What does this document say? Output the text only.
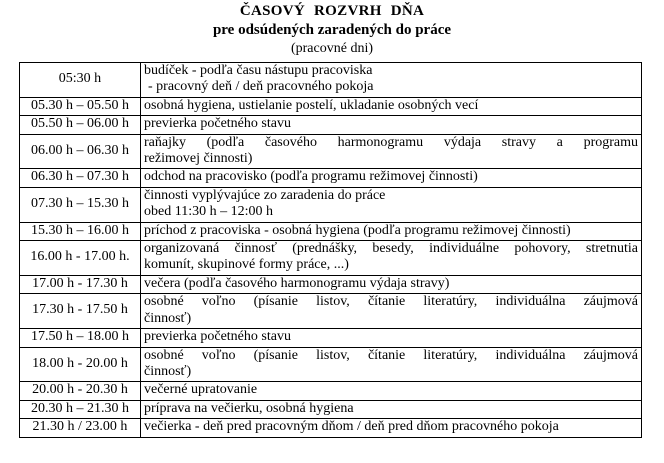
ČASOVÝ ROZVRH DŇA
pre odsúdených zaradených do práce
(pracovné dni)
05:30 h	budíček - podľa času nástupu pracoviska
- pracovný deň / deň pracovného pokoja

05.30 h – 05.50 h	osobná hygiena, ustielanie postelí, ukladanie osobných vecí

05.50 h – 06.00 h	previerka početného stavu

06.00 h – 06.30 h	raňajky (podľa časového harmonogramu výdaja stravy a programu
režimovej činnosti)

06.30 h – 07.30 h	odchod na pracovisko (podľa programu režimovej činnosti)

07.30 h – 15.30 h	činnosti vyplývajúce zo zaradenia do práce
obed 11:30 h – 12:00 h

15.30 h – 16.00 h	príchod z pracoviska - osobná hygiena (podľa programu režimovej činnosti)

16.00 h - 17.00 h.	organizovaná činnosť (prednášky, besedy, individuálne pohovory, stretnutia
komunít, skupinové formy práce, ...)

17.00 h - 17.30 h	večera (podľa časového harmonogramu výdaja stravy)

17.30 h - 17.50 h	osobné voľno (písanie listov, čítanie literatúry, individuálna záujmová
činnosť)

17.50 h – 18.00 h	previerka početného stavu

18.00 h - 20.00 h	osobné voľno (písanie listov, čítanie literatúry, individuálna záujmová
činnosť)

20.00 h - 20.30 h	večerné upratovanie

20.30 h – 21.30 h	príprava na večierku, osobná hygiena

21.30 h / 23.00 h	večierka - deň pred pracovným dňom / deň pred dňom pracovného pokoja
